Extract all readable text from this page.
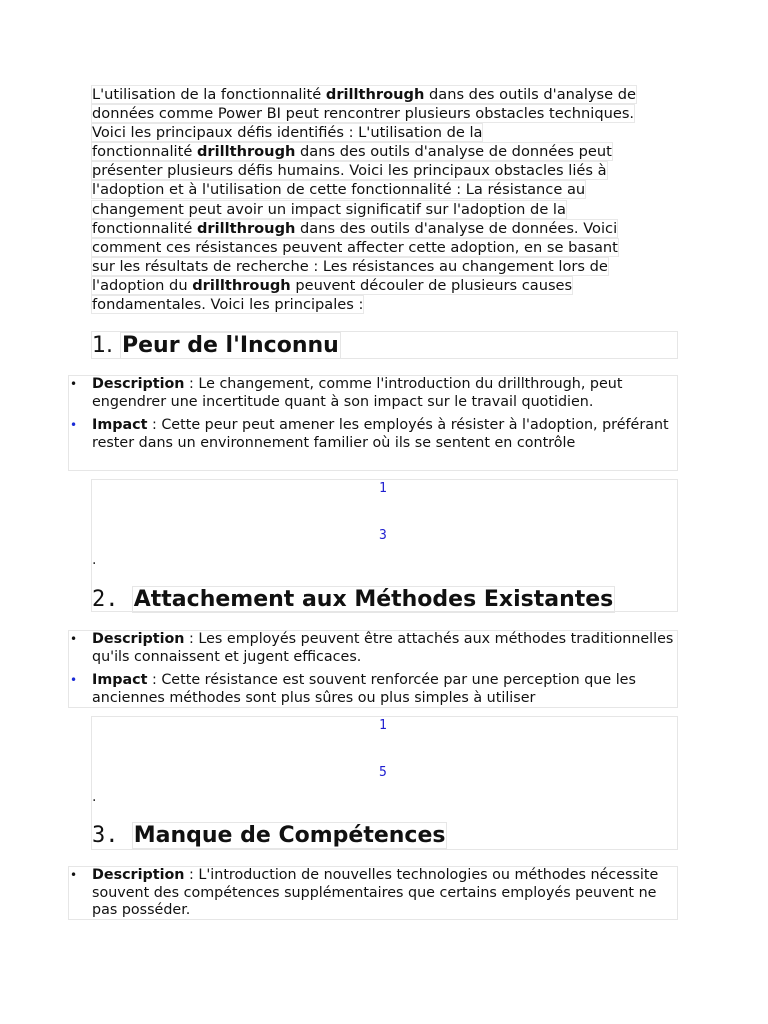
L'utilisation de la fonctionnalité drillthrough dans des outils d'analyse de
données comme Power BI peut rencontrer plusieurs obstacles techniques.
Voici les principaux défis identifiés : L'utilisation de la
fonctionnalité drillthrough dans des outils d'analyse de données peut
présenter plusieurs défis humains. Voici les principaux obstacles liés à
l'adoption et à l'utilisation de cette fonctionnalité : La résistance au
changement peut avoir un impact significatif sur l'adoption de la
fonctionnalité drillthrough dans des outils d'analyse de données. Voici
comment ces résistances peuvent affecter cette adoption, en se basant
sur les résultats de recherche : Les résistances au changement lors de
l'adoption du drillthrough peuvent découler de plusieurs causes
fondamentales. Voici les principales :

1. Peur de l'Inconnu

• Description : Le changement, comme l'introduction du drillthrough, peut engendrer une incertitude quant à son impact sur le travail quotidien.

• Impact : Cette peur peut amener les employés à résister à l'adoption, préférant rester dans un environnement familier où ils se sentent en contrôle

1
3
.
2. Attachement aux Méthodes Existantes

• Description : Les employés peuvent être attachés aux méthodes traditionnelles qu'ils connaissent et jugent efficaces.

• Impact : Cette résistance est souvent renforcée par une perception que les anciennes méthodes sont plus sûres ou plus simples à utiliser

1
5
.
3. Manque de Compétences

• Description : L'introduction de nouvelles technologies ou méthodes nécessite souvent des compétences supplémentaires que certains employés peuvent ne pas posséder.
